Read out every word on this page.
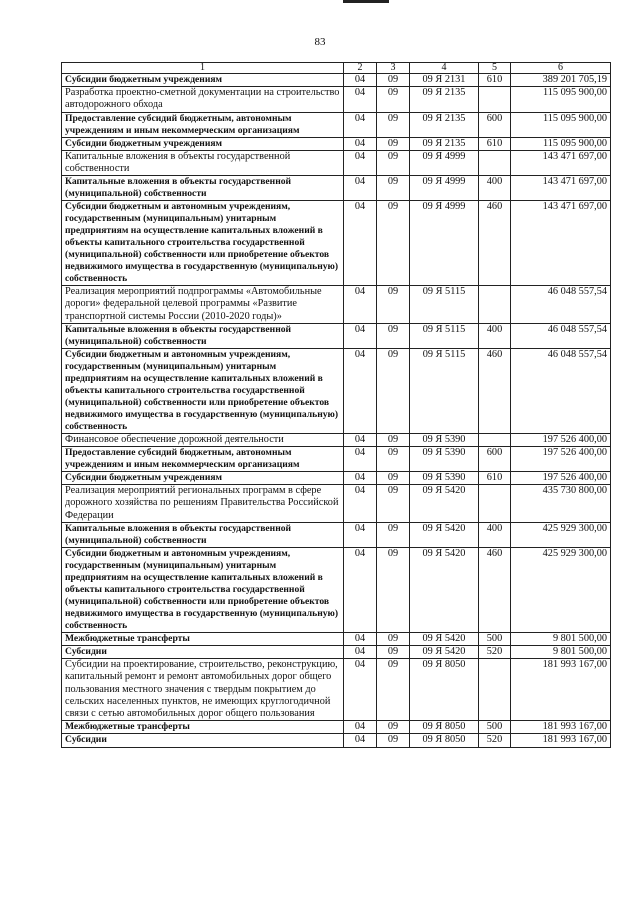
83
1	2	3	4	5	6
Субсидии бюджетным учреждениям	04	09	09 Я 2131	610	389 201 705,19
Разработка проектно-сметной документации на строительство автодорожного обхода	04	09	09 Я 2135		115 095 900,00
Предоставление субсидий бюджетным, автономным учреждениям и иным некоммерческим организациям	04	09	09 Я 2135	600	115 095 900,00
Субсидии бюджетным учреждениям	04	09	09 Я 2135	610	115 095 900,00
Капитальные вложения в объекты государственной собственности	04	09	09 Я 4999		143 471 697,00
Капитальные вложения в объекты государственной (муниципальной) собственности	04	09	09 Я 4999	400	143 471 697,00
Субсидии бюджетным и автономным учреждениям, государственным (муниципальным) унитарным предприятиям на осуществление капитальных вложений в объекты капитального строительства государственной (муниципальной) собственности или приобретение объектов недвижимого имущества в государственную (муниципальную) собственность	04	09	09 Я 4999	460	143 471 697,00
Реализация мероприятий подпрограммы «Автомобильные дороги» федеральной целевой программы «Развитие транспортной системы России (2010-2020 годы)»	04	09	09 Я 5115		46 048 557,54
Капитальные вложения в объекты государственной (муниципальной) собственности	04	09	09 Я 5115	400	46 048 557,54
Субсидии бюджетным и автономным учреждениям, государственным (муниципальным) унитарным предприятиям на осуществление капитальных вложений в объекты капитального строительства государственной (муниципальной) собственности или приобретение объектов недвижимого имущества в государственную (муниципальную) собственность	04	09	09 Я 5115	460	46 048 557,54
Финансовое обеспечение дорожной деятельности	04	09	09 Я 5390		197 526 400,00
Предоставление субсидий бюджетным, автономным учреждениям и иным некоммерческим организациям	04	09	09 Я 5390	600	197 526 400,00
Субсидии бюджетным учреждениям	04	09	09 Я 5390	610	197 526 400,00
Реализация мероприятий региональных программ в сфере дорожного хозяйства по решениям Правительства Российской Федерации	04	09	09 Я 5420		435 730 800,00
Капитальные вложения в объекты государственной (муниципальной) собственности	04	09	09 Я 5420	400	425 929 300,00
Субсидии бюджетным и автономным учреждениям, государственным (муниципальным) унитарным предприятиям на осуществление капитальных вложений в объекты капитального строительства государственной (муниципальной) собственности или приобретение объектов недвижимого имущества в государственную (муниципальную) собственность	04	09	09 Я 5420	460	425 929 300,00
Межбюджетные трансферты	04	09	09 Я 5420	500	9 801 500,00
Субсидии	04	09	09 Я 5420	520	9 801 500,00
Субсидии на проектирование, строительство, реконструкцию, капитальный ремонт и ремонт автомобильных дорог общего пользования местного значения с твердым покрытием до сельских населенных пунктов, не имеющих круглогодичной связи с сетью автомобильных дорог общего пользования	04	09	09 Я 8050		181 993 167,00
Межбюджетные трансферты	04	09	09 Я 8050	500	181 993 167,00
Субсидии	04	09	09 Я 8050	520	181 993 167,00
